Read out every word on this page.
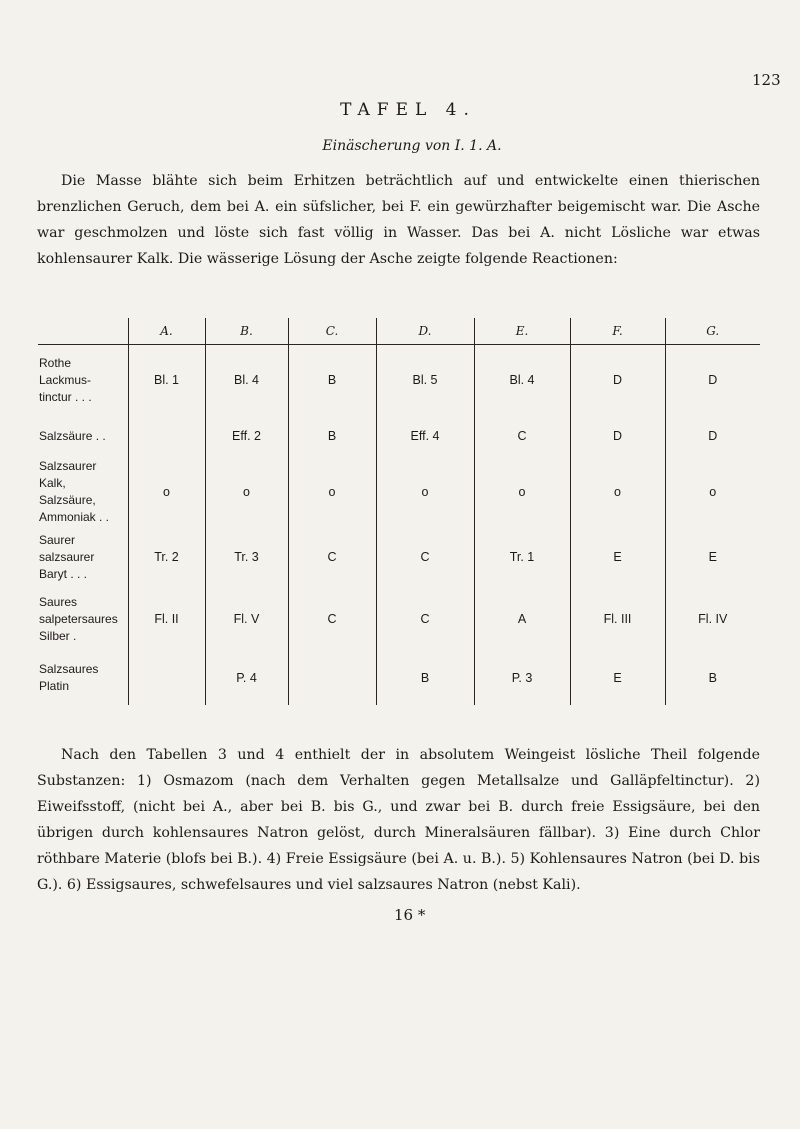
123
TAFEL 4.
Einäscherung von I. 1. A.

Die Masse blähte sich beim Erhitzen beträchtlich auf und entwickelte einen thierischen brenzlichen Geruch, dem bei A. ein süfslicher, bei F. ein gewürzhafter beigemischt war. Die Asche war geschmolzen und löste sich fast völlig in Wasser. Das bei A. nicht Lösliche war etwas kohlensaurer Kalk. Die wässerige Lösung der Asche zeigte folgende Reactionen:

	A.	B.	C.	D.	E.	F.	G.
Rothe Lackmus-tinctur . . .	Bl. 1	Bl. 4	B	Bl. 5	Bl. 4	D	D
Salzsäure . .		Eff. 2	B	Eff. 4	C	D	D
Salzsaurer Kalk, Salzsäure, Ammoniak . .	o	o	o	o	o	o	o
Saurer salzsaurer Baryt . . .	Tr. 2	Tr. 3	C	C	Tr. 1	E	E
Saures salpetersaures Silber .	Fl. II	Fl. V	C	C	A	Fl. III	Fl. IV
Salzsaures Platin		P. 4		B	P. 3	E	B

Nach den Tabellen 3 und 4 enthielt der in absolutem Weingeist lösliche Theil folgende Substanzen: 1) Osmazom (nach dem Verhalten gegen Metallsalze und Galläpfeltinctur). 2) Eiweifsstoff, (nicht bei A., aber bei B. bis G., und zwar bei B. durch freie Essigsäure, bei den übrigen durch kohlensaures Natron gelöst, durch Mineralsäuren fällbar). 3) Eine durch Chlor röthbare Materie (blofs bei B.). 4) Freie Essigsäure (bei A. u. B.). 5) Kohlensaures Natron (bei D. bis G.). 6) Essigsaures, schwefelsaures und viel salzsaures Natron (nebst Kali).

16 *
